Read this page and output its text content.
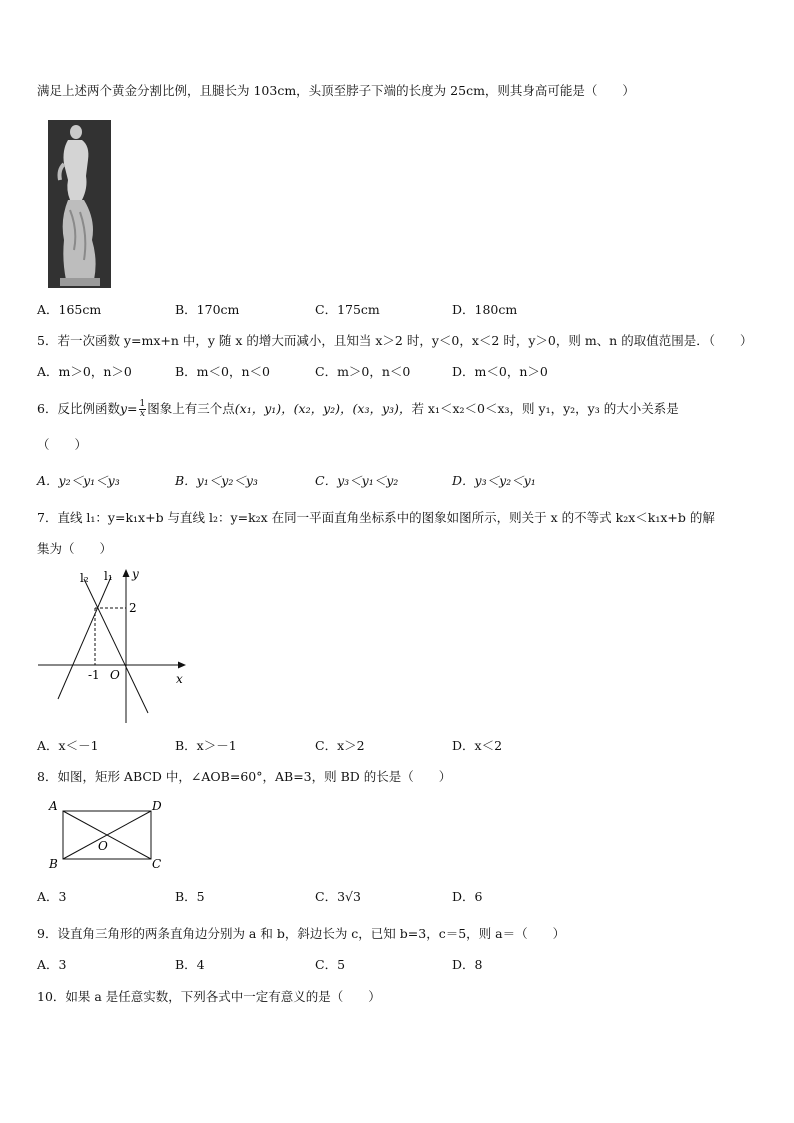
满足上述两个黄金分割比例，且腿长为 103cm，头顶至脖子下端的长度为 25cm，则其身高可能是（　　）
A．165cm	B．170cm	C．175cm	D．180cm
5．若一次函数 y=mx+n 中，y 随 x 的增大而减小，且知当 x＞2 时，y＜0，x＜2 时，y＞0，则 m、n 的取值范围是．（　　）
A．m＞0，n＞0	B．m＜0，n＜0	C．m＞0，n＜0	D．m＜0，n＞0
6．反比例函数$y= \frac{1}{x}$ 图象上有三个点(x₁，y₁)，(x₂，y₂)，(x₃，y₃)，若 x₁＜x₂＜0＜x₃，则 y₁，y₂，y₃ 的大小关系是
（　　）
A．y₂＜y₁＜y₃	B．y₁＜y₂＜y₃	C．y₃＜y₁＜y₂	D．y₃＜y₂＜y₁
7．直线 l₁：y=k₁x+b 与直线 l₂：y=k₂x 在同一平面直角坐标系中的图象如图所示，则关于 x 的不等式 k₂x＜k₁x+b 的解
集为（　　）
l₂ l₁ y
x
2
-1 O
A．x＜－1	B．x＞－1	C．x＞2	D．x＜2
8．如图，矩形 ABCD 中，∠AOB=60°，AB=3，则 BD 的长是（　　）
A	D
B	C
O
A．3	B．5	C．3√3	D．6
9．设直角三角形的两条直角边分别为 a 和 b，斜边长为 c，已知 b=3，c＝5，则 a＝（　　）
A．3	B．4	C．5	D．8
10．如果 a 是任意实数，下列各式中一定有意义的是（　　）
